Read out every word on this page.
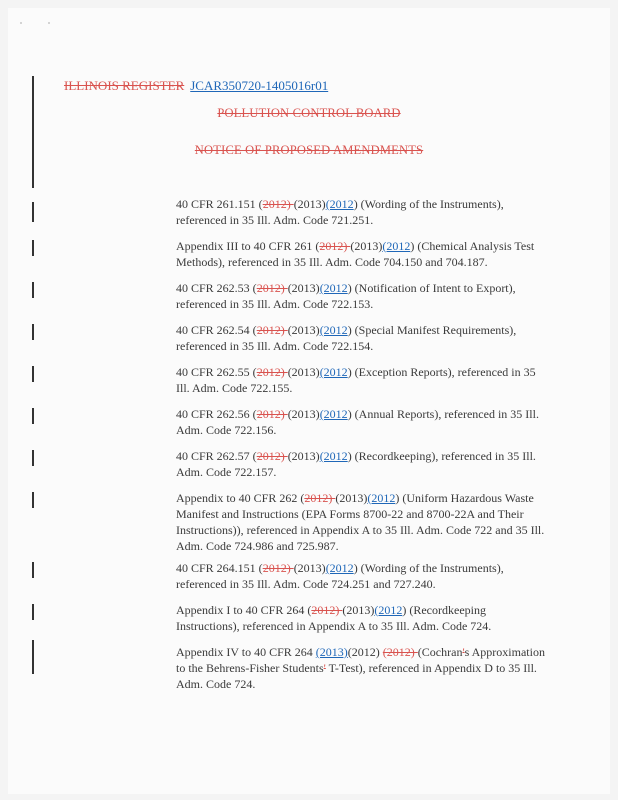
ILLINOIS REGISTER JCAR350720-1405016r01
POLLUTION CONTROL BOARD
NOTICE OF PROPOSED AMENDMENTS
40 CFR 261.151 (2012) (2013)(2012) (Wording of the Instruments), referenced in 35 Ill. Adm. Code 721.251.
Appendix III to 40 CFR 261 (2012) (2013)(2012) (Chemical Analysis Test Methods), referenced in 35 Ill. Adm. Code 704.150 and 704.187.
40 CFR 262.53 (2012) (2013)(2012) (Notification of Intent to Export), referenced in 35 Ill. Adm. Code 722.153.
40 CFR 262.54 (2012) (2013)(2012) (Special Manifest Requirements), referenced in 35 Ill. Adm. Code 722.154.
40 CFR 262.55 (2012) (2013)(2012) (Exception Reports), referenced in 35 Ill. Adm. Code 722.155.
40 CFR 262.56 (2012) (2013)(2012) (Annual Reports), referenced in 35 Ill. Adm. Code 722.156.
40 CFR 262.57 (2012) (2013)(2012) (Recordkeeping), referenced in 35 Ill. Adm. Code 722.157.
Appendix to 40 CFR 262 (2012) (2013)(2012) (Uniform Hazardous Waste Manifest and Instructions (EPA Forms 8700-22 and 8700-22A and Their Instructions)), referenced in Appendix A to 35 Ill. Adm. Code 722 and 35 Ill. Adm. Code 724.986 and 725.987.
40 CFR 264.151 (2012) (2013)(2012) (Wording of the Instruments), referenced in 35 Ill. Adm. Code 724.251 and 727.240.
Appendix I to 40 CFR 264 (2012) (2013)(2012) (Recordkeeping Instructions), referenced in Appendix A to 35 Ill. Adm. Code 724.
Appendix IV to 40 CFR 264 (2013)(2012) (2012) (Cochran's Approximation to the Behrens-Fisher Students' T-Test), referenced in Appendix D to 35 Ill. Adm. Code 724.
